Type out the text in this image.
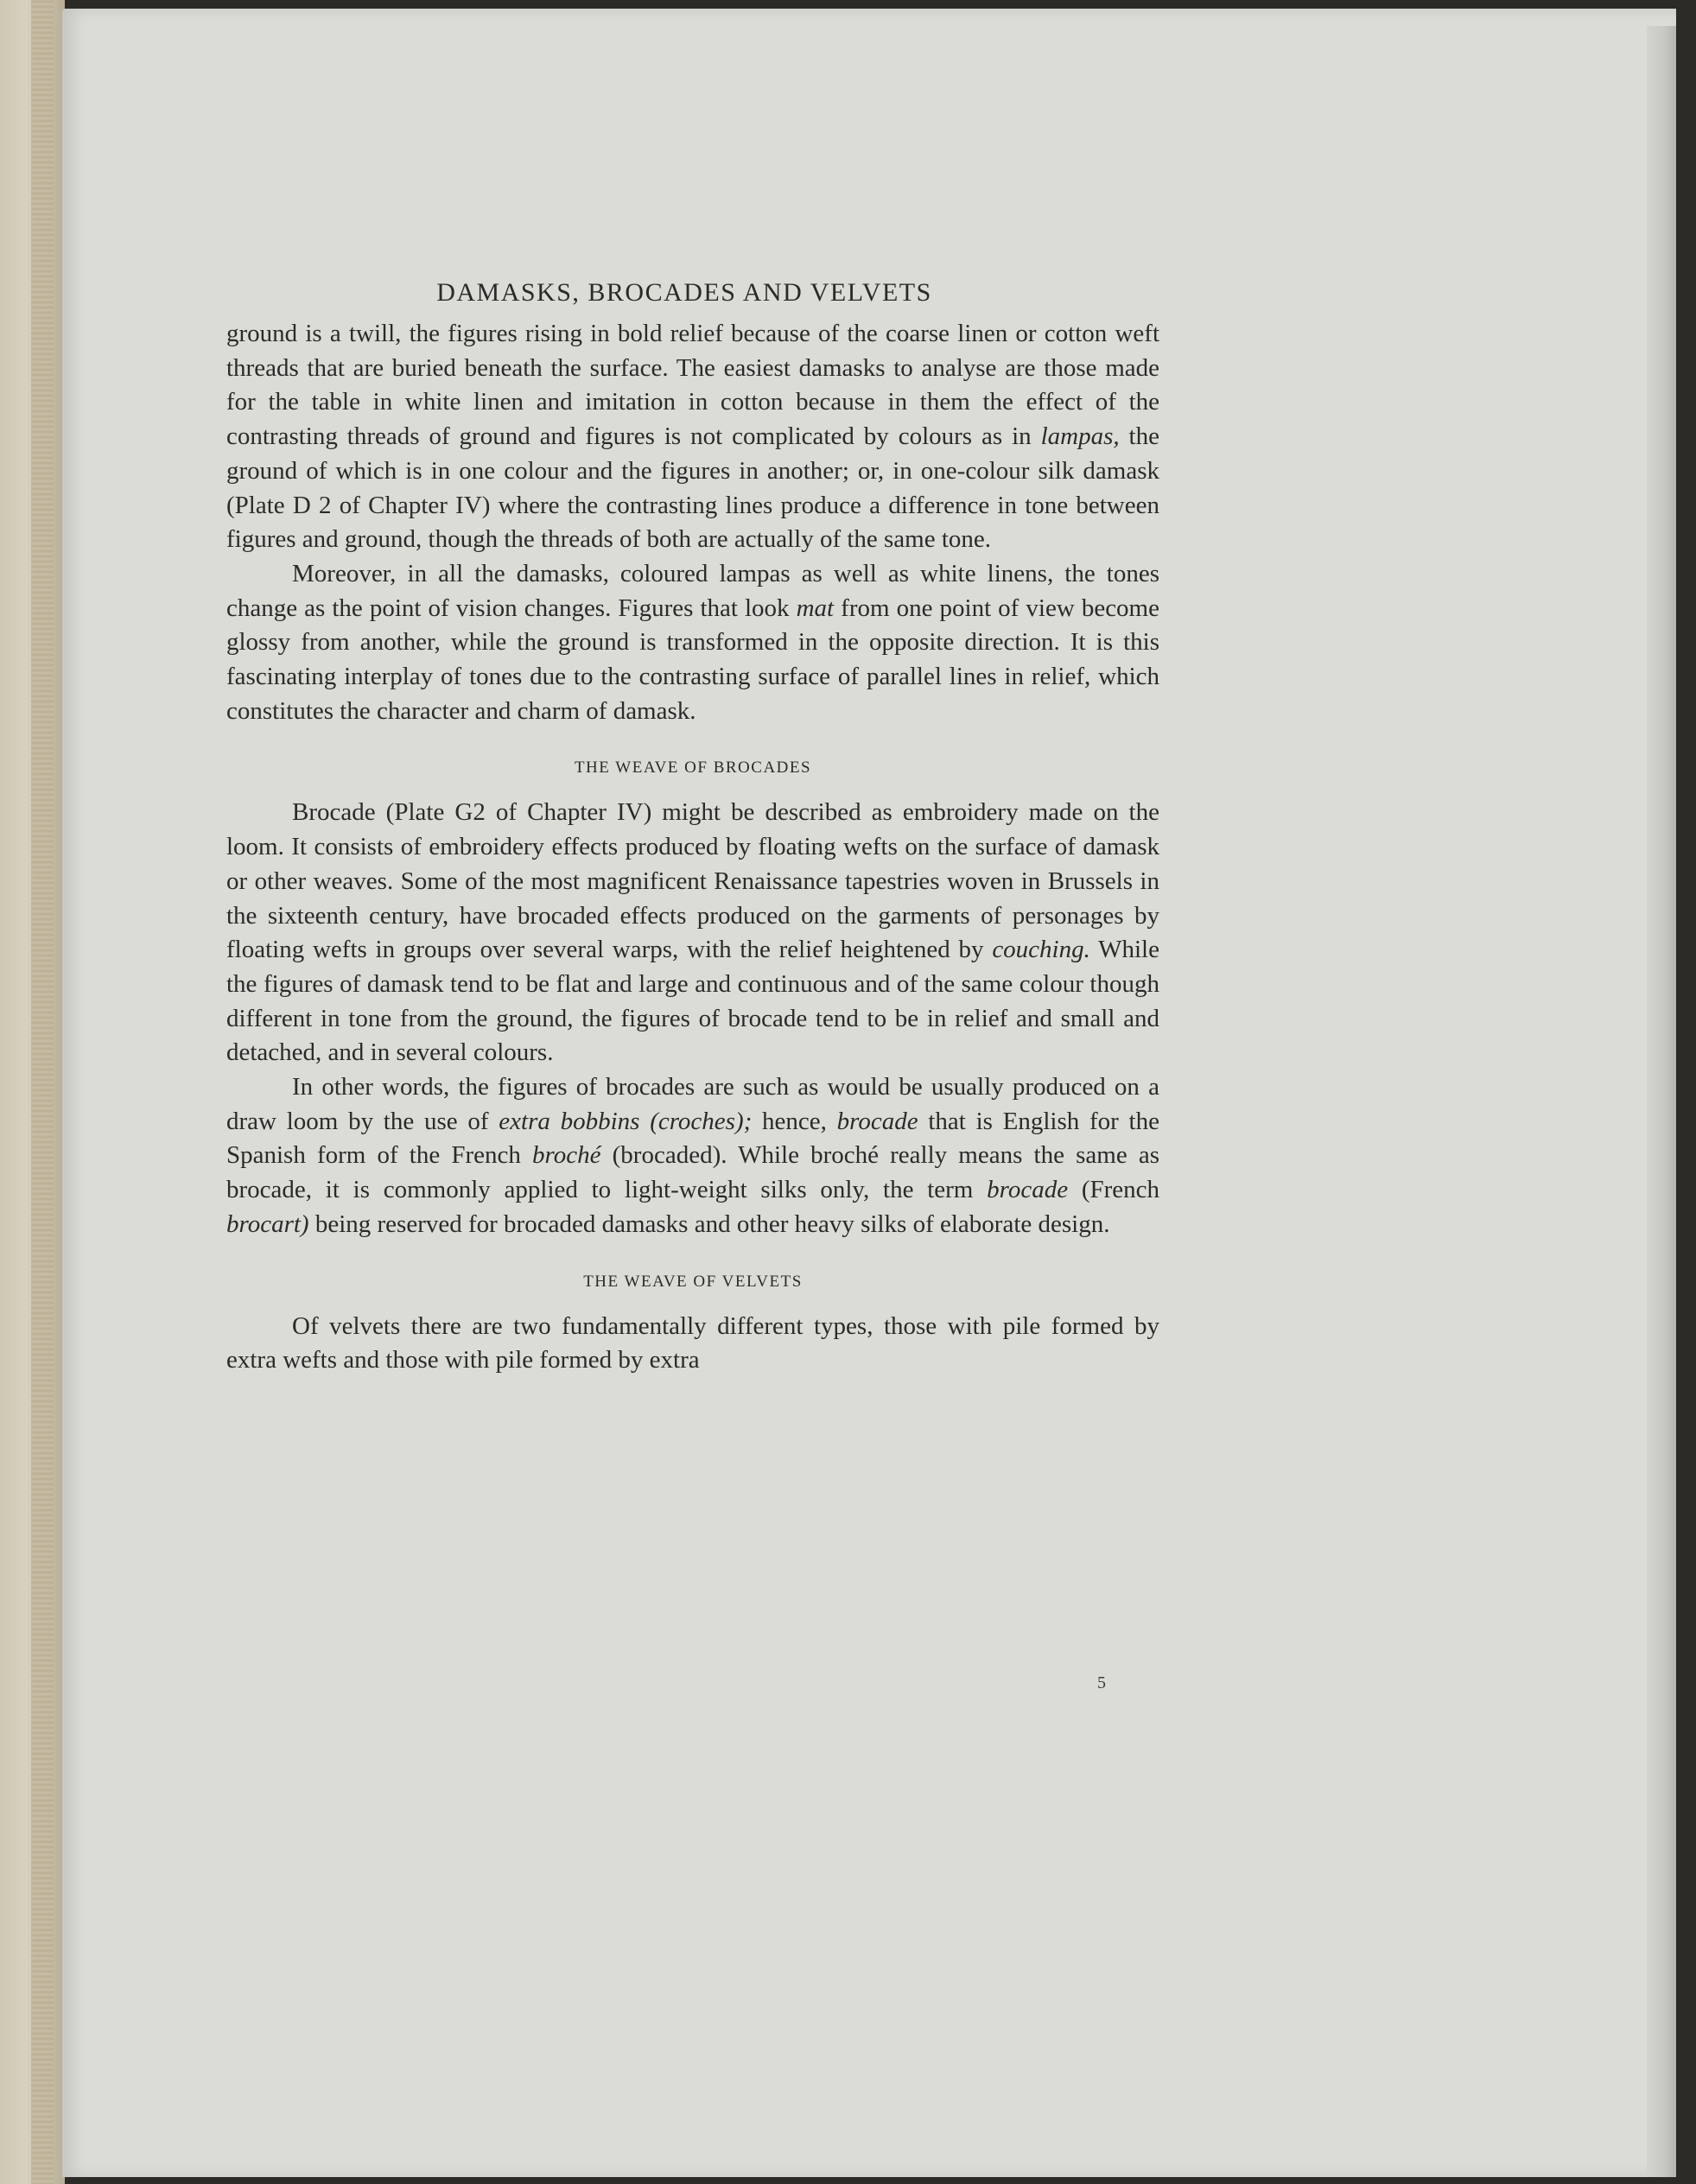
DAMASKS, BROCADES AND VELVETS

ground is a twill, the figures rising in bold relief because of the coarse linen or cotton weft threads that are buried beneath the surface. The easiest damasks to analyse are those made for the table in white linen and imitation in cotton because in them the effect of the contrasting threads of ground and figures is not complicated by colours as in lampas, the ground of which is in one colour and the figures in another; or, in one-colour silk damask (Plate D 2 of Chapter IV) where the contrasting lines produce a difference in tone between figures and ground, though the threads of both are actually of the same tone.

Moreover, in all the damasks, coloured lampas as well as white linens, the tones change as the point of vision changes. Figures that look mat from one point of view become glossy from another, while the ground is transformed in the opposite direction. It is this fascinating interplay of tones due to the contrasting surface of parallel lines in relief, which constitutes the character and charm of damask.

THE WEAVE OF BROCADES

Brocade (Plate G2 of Chapter IV) might be described as embroidery made on the loom. It consists of embroidery effects produced by floating wefts on the surface of damask or other weaves. Some of the most magnificent Renaissance tapestries woven in Brussels in the sixteenth century, have brocaded effects produced on the garments of personages by floating wefts in groups over several warps, with the relief heightened by couching. While the figures of damask tend to be flat and large and continuous and of the same colour though different in tone from the ground, the figures of brocade tend to be in relief and small and detached, and in several colours.

In other words, the figures of brocades are such as would be usually produced on a draw loom by the use of extra bobbins (croches); hence, brocade that is English for the Spanish form of the French broché (brocaded). While broché really means the same as brocade, it is commonly applied to light-weight silks only, the term brocade (French brocart) being reserved for brocaded damasks and other heavy silks of elaborate design.

THE WEAVE OF VELVETS

Of velvets there are two fundamentally different types, those with pile formed by extra wefts and those with pile formed by extra

5
